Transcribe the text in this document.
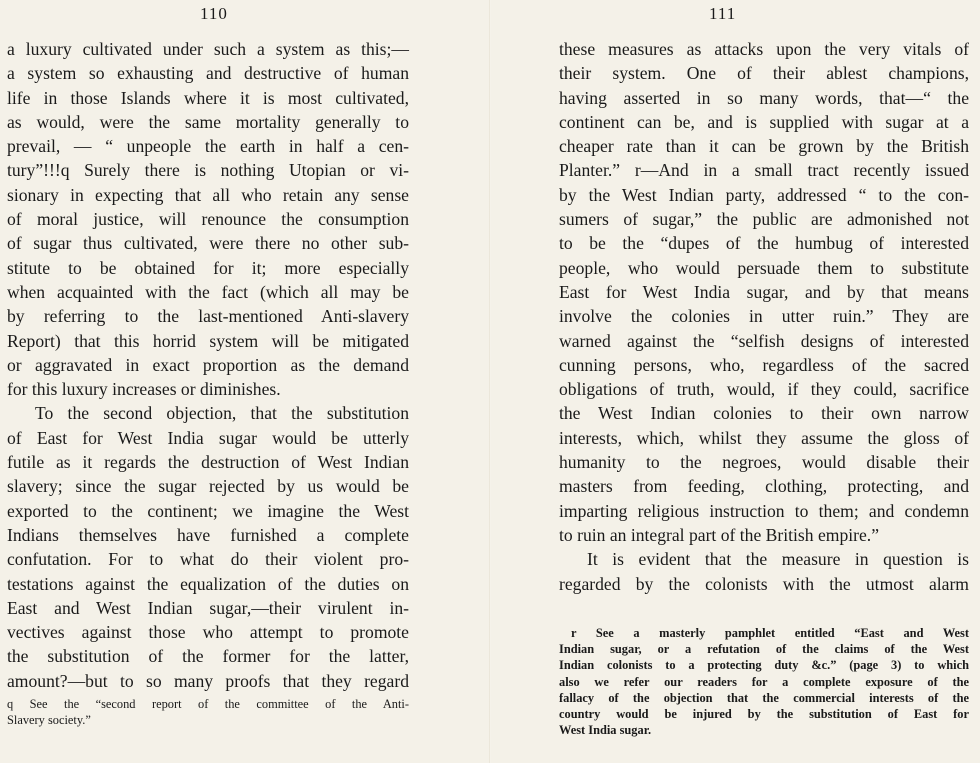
110
a luxury cultivated under such a system as this;—
a system so exhausting and destructive of human
life in those Islands where it is most cultivated,
as would, were the same mortality generally to
prevail, — “ unpeople the earth in half a cen-
tury”!!!q Surely there is nothing Utopian or vi-
sionary in expecting that all who retain any sense
of moral justice, will renounce the consumption
of sugar thus cultivated, were there no other sub-
stitute to be obtained for it; more especially
when acquainted with the fact (which all may be
by referring to the last-mentioned Anti-slavery
Report) that this horrid system will be mitigated
or aggravated in exact proportion as the demand
for this luxury increases or diminishes.
To the second objection, that the substitution
of East for West India sugar would be utterly
futile as it regards the destruction of West Indian
slavery; since the sugar rejected by us would be
exported to the continent; we imagine the West
Indians themselves have furnished a complete
confutation. For to what do their violent pro-
testations against the equalization of the duties on
East and West Indian sugar,—their virulent in-
vectives against those who attempt to promote
the substitution of the former for the latter,
amount?—but to so many proofs that they regard
q See the “second report of the committee of the Anti-
Slavery society.”
111
these measures as attacks upon the very vitals of
their system. One of their ablest champions,
having asserted in so many words, that—“ the
continent can be, and is supplied with sugar at a
cheaper rate than it can be grown by the British
Planter.” r—And in a small tract recently issued
by the West Indian party, addressed “ to the con-
sumers of sugar,” the public are admonished not
to be the “dupes of the humbug of interested
people, who would persuade them to substitute
East for West India sugar, and by that means
involve the colonies in utter ruin.” They are
warned against the “selfish designs of interested
cunning persons, who, regardless of the sacred
obligations of truth, would, if they could, sacrifice
the West Indian colonies to their own narrow
interests, which, whilst they assume the gloss of
humanity to the negroes, would disable their
masters from feeding, clothing, protecting, and
imparting religious instruction to them; and condemn
to ruin an integral part of the British empire.”
It is evident that the measure in question is
regarded by the colonists with the utmost alarm
r See a masterly pamphlet entitled “East and West
Indian sugar, or a refutation of the claims of the West
Indian colonists to a protecting duty &c.” (page 3) to which
also we refer our readers for a complete exposure of the
fallacy of the objection that the commercial interests of the
country would be injured by the substitution of East for
West India sugar.
